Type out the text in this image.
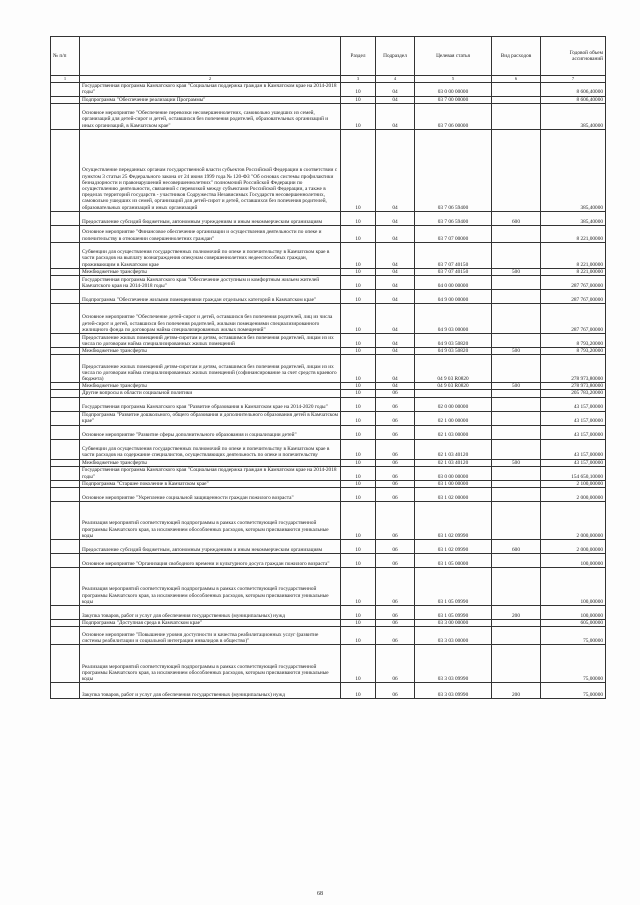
№ п/п		Раздел	Подраздел	Целевая статья	Вид расходов	Годовой объем ассигнований
1	2	3	4	5	6	7
	Государственная программа Камчатского края "Социальная поддержка граждан в Камчатском крае на 2014-2018 годы"	10	04	03 0 00 00000		8 606,40000
	Подпрограмма "Обеспечение реализации Программы"	10	04	03 7 00 00000		8 606,40000
	Основное мероприятие "Обеспечение перевозки несовершеннолетних, самовольно ушедших из семей, организаций для детей-сирот и детей, оставшихся без попечения родителей, образовательных организаций и иных организаций, в Камчатском крае"	10	04	03 7 06 00000		385,40000
	Осуществление переданных органам государственной власти субъектов Российской Федерации в соответствии с пунктом 3 статьи 25 Федерального закона от 24 июня 1999 года № 120-ФЗ "Об основах системы профилактики безнадзорности и правонарушений несовершеннолетних" полномочий Российской Федерации по осуществлению деятельности, связанной с перевозкой между субъектами Российской Федерации, а также в пределах территорий государств - участников Содружества Независимых Государств несовершеннолетних, самовольно ушедших из семей, организаций для детей-сирот и детей, оставшихся без попечения родителей, образовательных организаций и иных организаций	10	04	03 7 06 59400		385,40000
	Предоставление субсидий бюджетным, автономным учреждениям и иным некоммерческим организациям	10	04	03 7 06 59400	600	385,40000
	Основное мероприятие "Финансовое обеспечение организации и осуществления деятельности по опеке и попечительству в отношении совершеннолетних граждан"	10	04	03 7 07 00000		8 221,00000
	Субвенции для осуществления государственных полномочий по опеке и попечительству в Камчатском крае в части расходов на выплату вознаграждения опекунам совершеннолетних недееспособных граждан, проживающим в Камчатском крае	10	04	03 7 07 40150		8 221,00000
	Межбюджетные трансферты	10	04	03 7 07 40150	500	8 221,00000
	Государственная программа Камчатского края "Обеспечение доступным и комфортным жильем жителей Камчатского края на 2014-2018 годы"	10	04	04 0 00 00000		287 767,00000
	Подпрограмма "Обеспечение жилыми помещениями граждан отдельных категорий в Камчатском крае"	10	04	04 9 00 00000		287 767,00000
	Основное мероприятие "Обеспечение детей-сирот и детей, оставшихся без попечения родителей, лиц из числа детей-сирот и детей, оставшихся без попечения родителей, жилыми помещениями специализированного жилищного фонда по договорам найма специализированных жилых помещений"	10	04	04 9 03 00000		287 767,00000
	Предоставление жилых помещений детям-сиротам и детям, оставшимся без попечения родителей, лицам из их числа по договорам найма специализированных жилых помещений	10	04	04 9 03 50820		8 793,20000
	Межбюджетные трансферты	10	04	04 9 03 50820	500	8 793,20000
	Предоставление жилых помещений детям-сиротам и детям, оставшимся без попечения родителей, лицам из их числа по договорам найма специализированных жилых помещений (софинансирование за счет средств краевого бюджета)	10	04	04 9 03 R0820		278 973,80000
	Межбюджетные трансферты	10	04	04 9 03 R0820	500	278 973,80000
	Другие вопросы в области социальной политики	10	06			205 783,20000
	Государственная программа Камчатского края "Развитие образования в Камчатском крае на 2014-2020 годы"	10	06	02 0 00 00000		43 157,00000
	Подпрограмма "Развитие дошкольного, общего образования и дополнительного образования детей в Камчатском крае"	10	06	02 1 00 00000		43 157,00000
	Основное мероприятие "Развитие сферы дополнительного образования и социализации детей"	10	06	02 1 03 00000		43 157,00000
	Субвенции для осуществления государственных полномочий по опеке и попечительству в Камчатском крае в части расходов на содержание специалистов, осуществляющих деятельность по опеке и попечительству	10	06	02 1 03 40120		43 157,00000
	Межбюджетные трансферты	10	06	02 1 03 40120	500	43 157,00000
	Государственная программа Камчатского края "Социальная поддержка граждан в Камчатском крае на 2014-2018 годы"	10	06	03 0 00 00000		154 650,10000
	Подпрограмма "Старшее поколение в Камчатском крае"	10	06	03 1 00 00000		2 100,00000
	Основное мероприятие "Укрепление социальной защищенности граждан пожилого возраста"	10	06	03 1 02 00000		2 000,00000
	Реализация мероприятий соответствующей подпрограммы в рамках соответствующей государственной программы Камчатского края, за исключением обособленных расходов, которым присваиваются уникальные коды	10	06	03 1 02 09990		2 000,00000
	Предоставление субсидий бюджетным, автономным учреждениям и иным некоммерческим организациям	10	06	03 1 02 09990	600	2 000,00000
	Основное мероприятие "Организация свободного времени и культурного досуга граждан пожилого возраста"	10	06	03 1 05 00000		100,00000
	Реализация мероприятий соответствующей подпрограммы в рамках соответствующей государственной программы Камчатского края, за исключением обособленных расходов, которым присваиваются уникальные коды	10	06	03 1 05 09990		100,00000
	Закупка товаров, работ и услуг для обеспечения государственных (муниципальных) нужд	10	06	03 1 05 09990	200	100,00000
	Подпрограмма "Доступная среда в Камчатском крае"	10	06	03 3 00 00000		605,00000
	Основное мероприятие "Повышение уровня доступности и качества реабилитационных услуг (развитие системы реабилитации и социальной интеграции инвалидов в общество)"	10	06	03 3 03 00000		75,00000
	Реализация мероприятий соответствующей подпрограммы в рамках соответствующей государственной программы Камчатского края, за исключением обособленных расходов, которым присваиваются уникальные коды	10	06	03 3 03 09990		75,00000
	Закупка товаров, работ и услуг для обеспечения государственных (муниципальных) нужд	10	06	03 3 03 09990	200	75,00000
68
